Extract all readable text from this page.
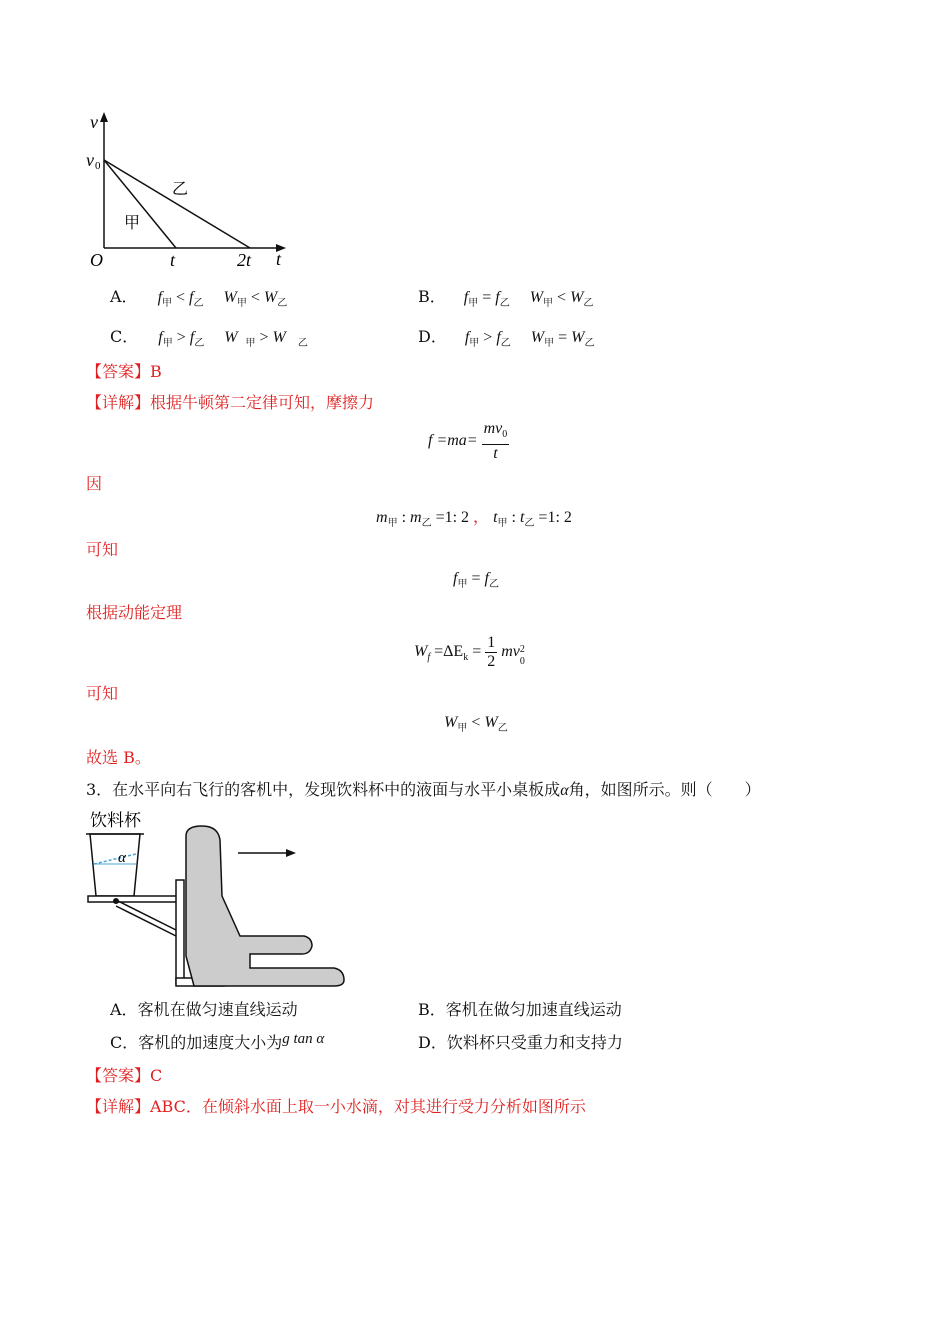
v
t
O
v 0
t	2t
甲
乙
A． $f_甲 < f_乙$ $W_甲 < W_乙$	B． $f_甲 = f_乙$ $W_甲 < W_乙$
C． $f_甲 > f_乙$ W $_甲$ > W $_乙$	D． $f_甲 > f_乙$ $W_甲 = W_乙$
【答案】B
【详解】根据牛顿第二定律可知，摩擦力
$f =ma= \frac{mv_0}{t}$
因
$m_甲$ : $m_乙 =1$: 2 ， $t_甲$ : $t_乙 =1$: 2
可知
$f_甲 = f_乙$
根据动能定理
$W_f =\Delta E_k = \frac{1}{2}$ mv 2
0
可知
$W_甲 < W_乙$
故选 B。
3．在水平向右飞行的客机中，发现饮料杯中的液面与水平小桌板成α角，如图所示。则（　　）
饮料杯
α
A．客机在做匀速直线运动	B．客机在做匀加速直线运动
C．客机的加速度大小为g tan α	D．饮料杯只受重力和支持力
【答案】C
【详解】ABC．在倾斜水面上取一小水滴，对其进行受力分析如图所示
